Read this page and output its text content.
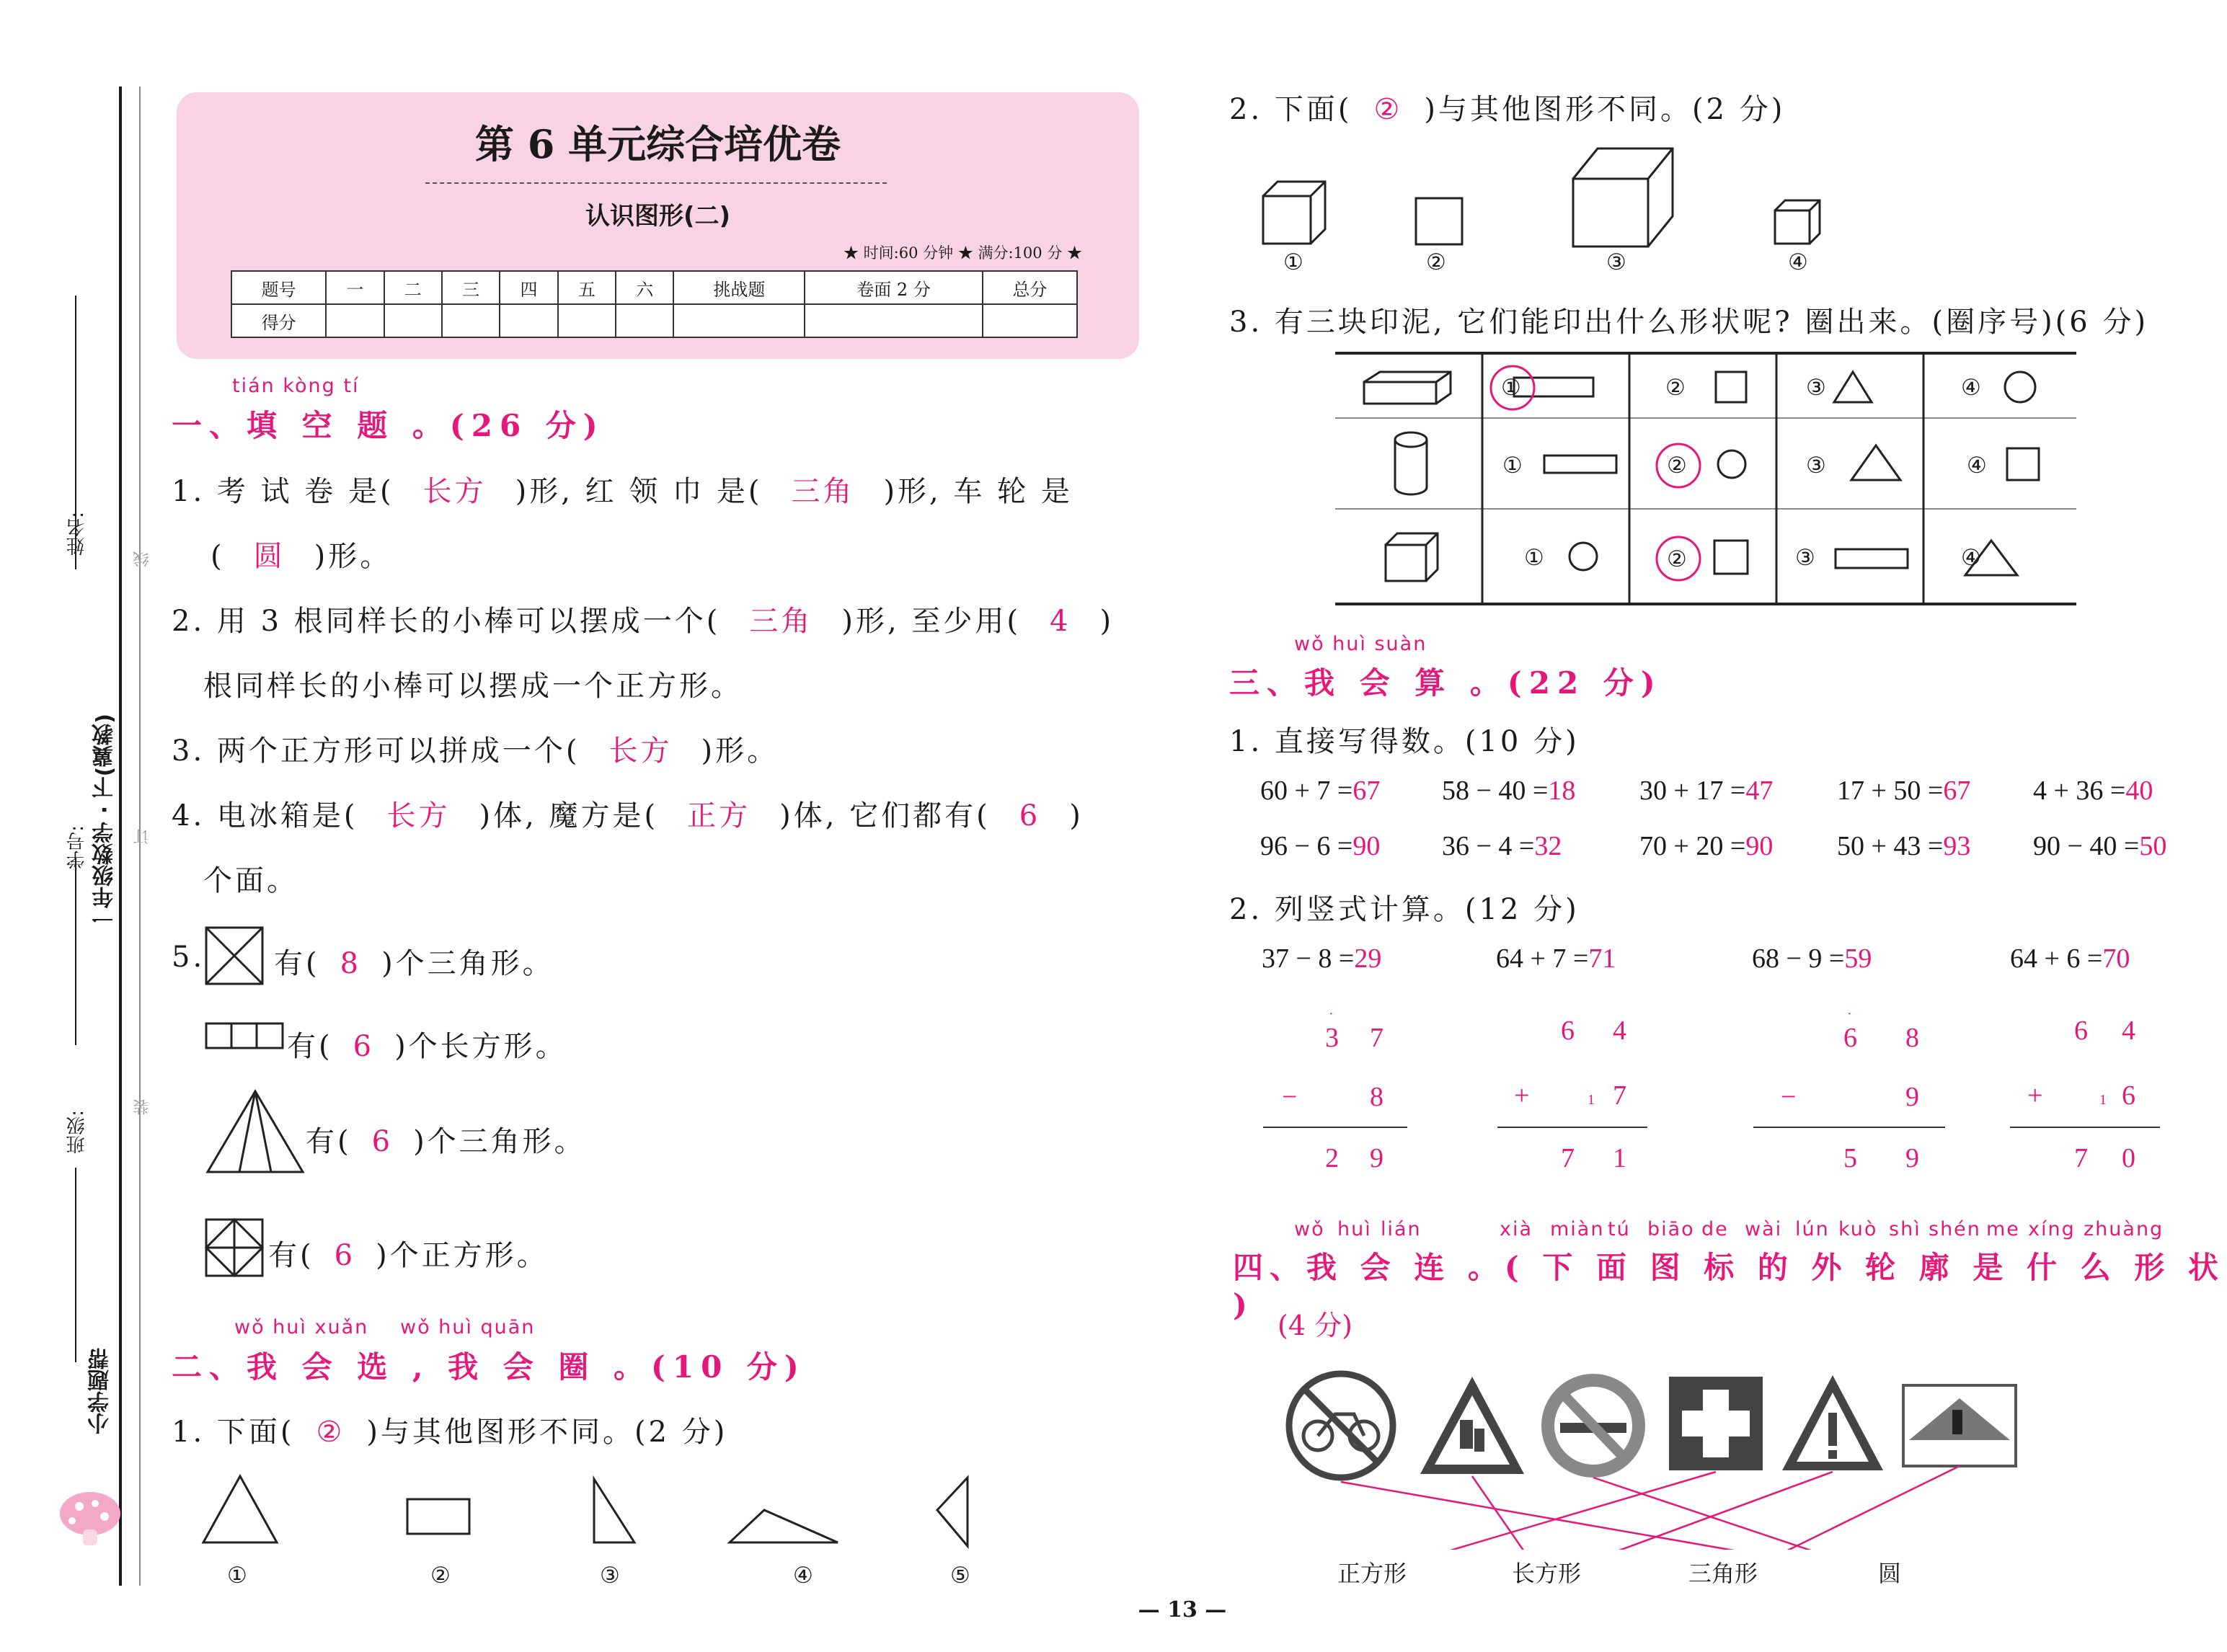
姓名:
学号: 一年级数学 · 下(冀教)
班级:
小学题帮
线
订
装
第 6 单元综合培优卷
认识图形(二)
★ 时间:60 分钟 ★ 满分:100 分 ★
题号	一	二	三	四	五	六	挑战题	卷面 2 分	总分
得分									
tián kòng tí
一、填 空 题 。(26 分)
1. 考 试 卷 是( 长方 )形, 红 领 巾 是( 三角 )形, 车 轮 是
( 圆 )形。
2. 用 3 根同样长的小棒可以摆成一个( 三角 )形, 至少用( 4 )
根同样长的小棒可以摆成一个正方形。
3. 两个正方形可以拼成一个( 长方 )形。
4. 电冰箱是( 长方 )体, 魔方是( 正方 )体, 它们都有( 6 )
个面。
5. 有( 8 )个三角形。
有( 6 )个长方形。
有( 6 )个三角形。
有( 6 )个正方形。
wǒ huì xuǎn wǒ huì quān
二、我 会 选 , 我 会 圈 。(10 分)
1. 下面( ② )与其他图形不同。(2 分)
①	②	③	④	⑤
2. 下面( ② )与其他图形不同。(2 分)
①	②	③	④
3. 有三块印泥, 它们能印出什么形状呢? 圈出来。(圈序号)(6 分)
①	②	③	④
①	②	③	④
①	②	③	④
wǒ huì suàn
三、我 会 算 。(22 分)
1. 直接写得数。(10 分)
60 + 7 =67 58 − 40 =18 30 + 17 =47 17 + 50 =67 4 + 36 =40
96 − 6 =90 36 − 4 =32	70 + 20 =90 50 + 43 =93 90 − 40 =50
2. 列竖式计算。(12 分)
37 − 8 =29	64 + 7 =71	68 − 9 =59	64 + 6 =70
·
3 7
−	8
2 9
6 4
+	1 7
7 1
·
6 8
−	9
5 9
6 4
+	1 6
7 0
wǒ huì lián	xià miàn tú biāo de wài lún kuò shì shén me xíng zhuàng
四、我 会 连 。( 下 面 图 标 的 外 轮 廓 是 什 么 形 状 )
(4 分)
正方形	长方形	三角形	圆
— 13 —
